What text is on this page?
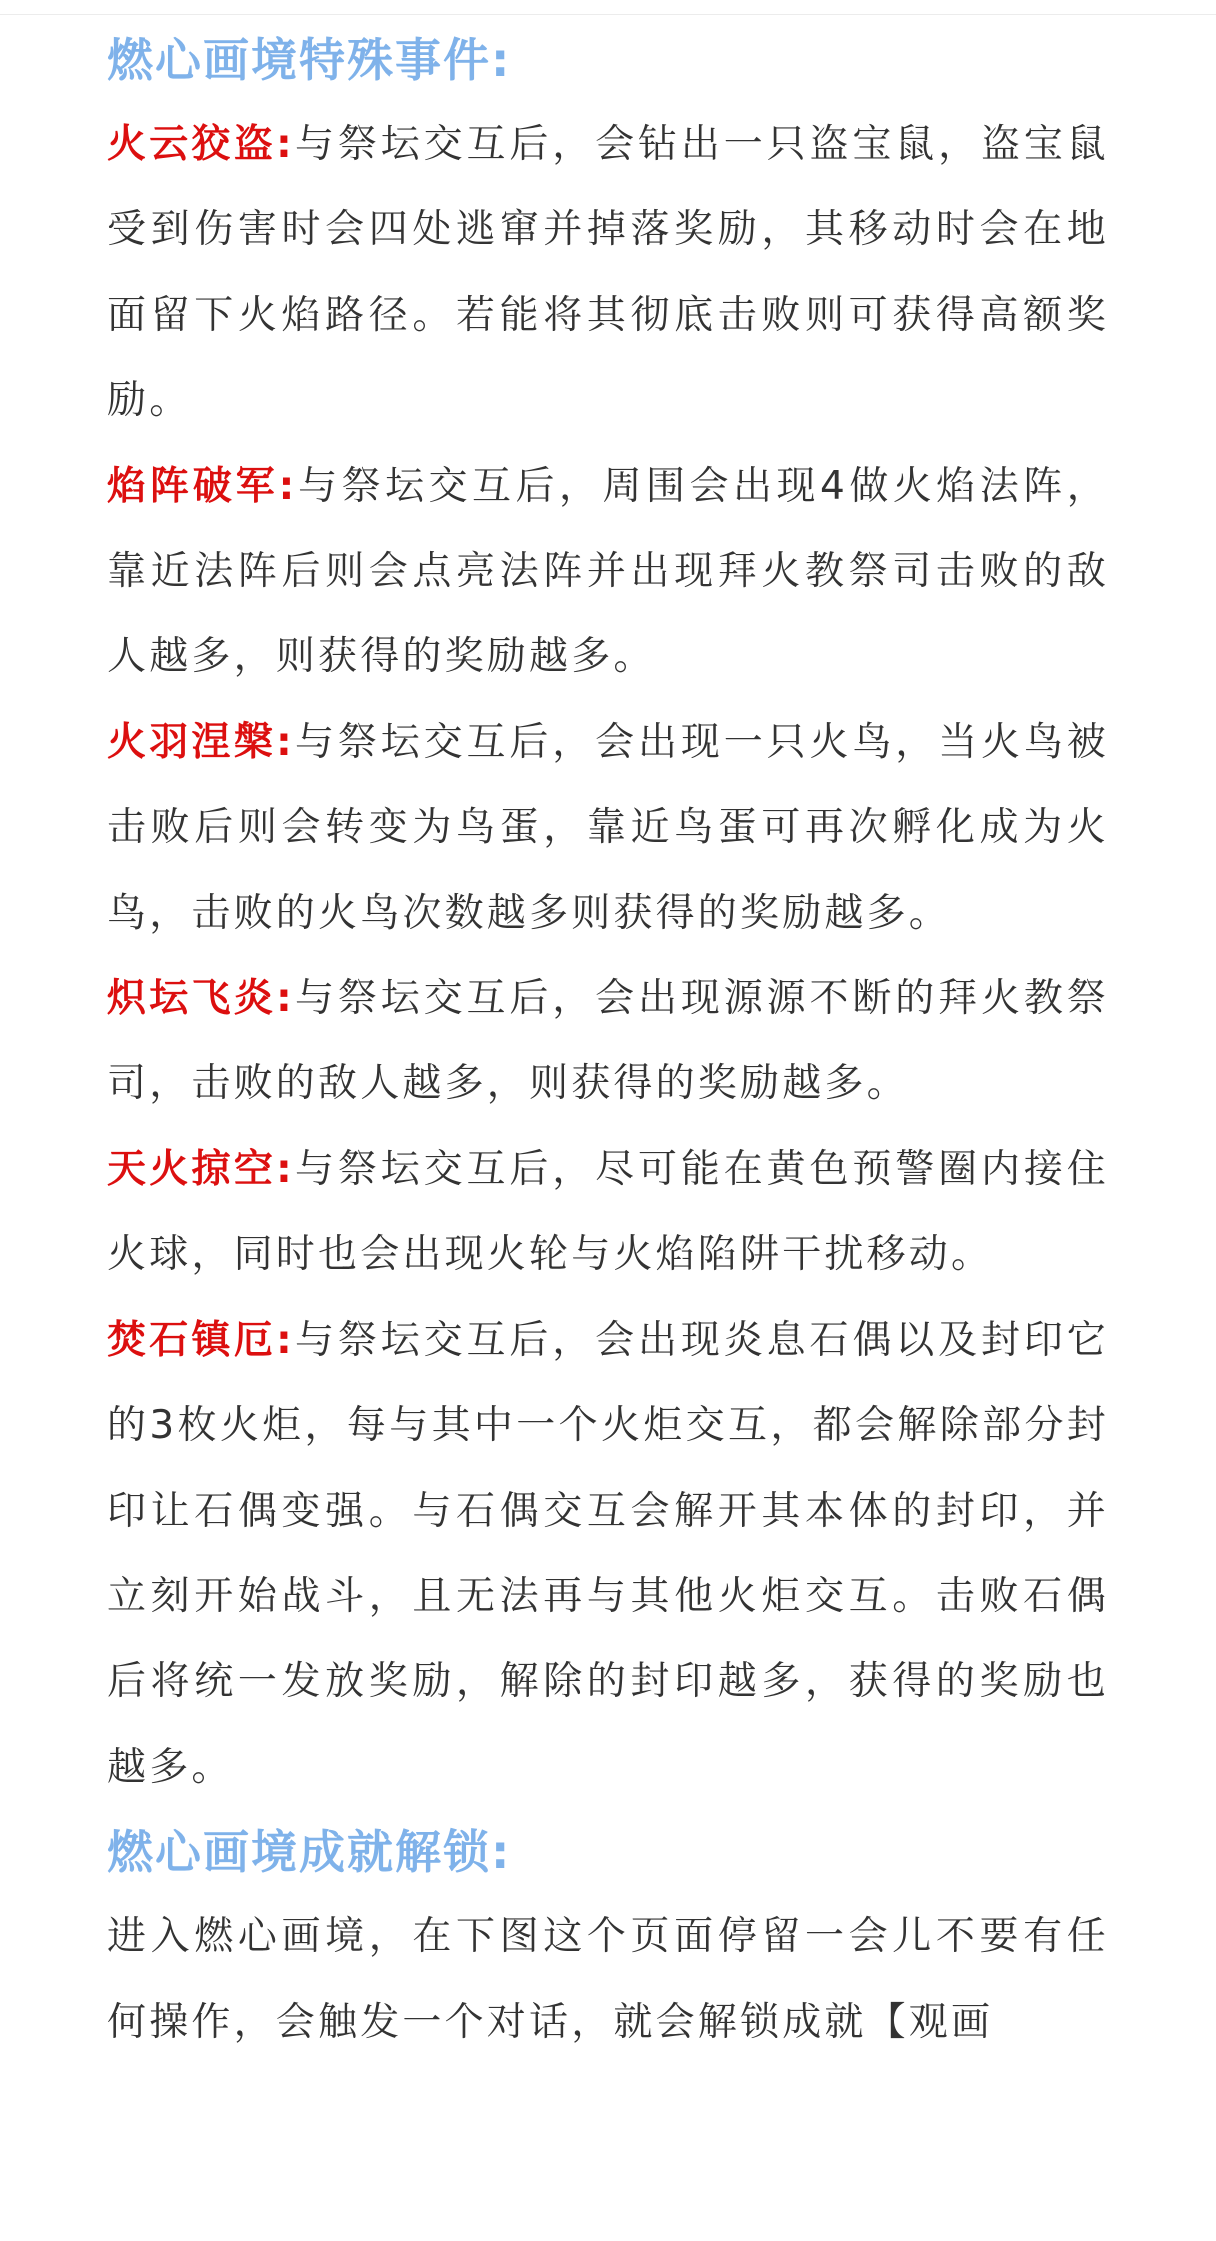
燃心画境特殊事件:

火云狡盗:与祭坛交互后，会钻出一只盗宝鼠，盗宝鼠受到伤害时会四处逃窜并掉落奖励，其移动时会在地面留下火焰路径。若能将其彻底击败则可获得高额奖励。

焰阵破军:与祭坛交互后，周围会出现4做火焰法阵，靠近法阵后则会点亮法阵并出现拜火教祭司击败的敌人越多，则获得的奖励越多。

火羽涅槃:与祭坛交互后，会出现一只火鸟，当火鸟被击败后则会转变为鸟蛋，靠近鸟蛋可再次孵化成为火鸟，击败的火鸟次数越多则获得的奖励越多。

炽坛飞炎:与祭坛交互后，会出现源源不断的拜火教祭司，击败的敌人越多，则获得的奖励越多。

天火掠空:与祭坛交互后，尽可能在黄色预警圈内接住火球，同时也会出现火轮与火焰陷阱干扰移动。

焚石镇厄:与祭坛交互后，会出现炎息石偶以及封印它的3枚火炬，每与其中一个火炬交互，都会解除部分封印让石偶变强。与石偶交互会解开其本体的封印，并立刻开始战斗，且无法再与其他火炬交互。击败石偶后将统一发放奖励，解除的封印越多，获得的奖励也越多。

燃心画境成就解锁:

进入燃心画境，在下图这个页面停留一会儿不要有任何操作，会触发一个对话，就会解锁成就【观画
